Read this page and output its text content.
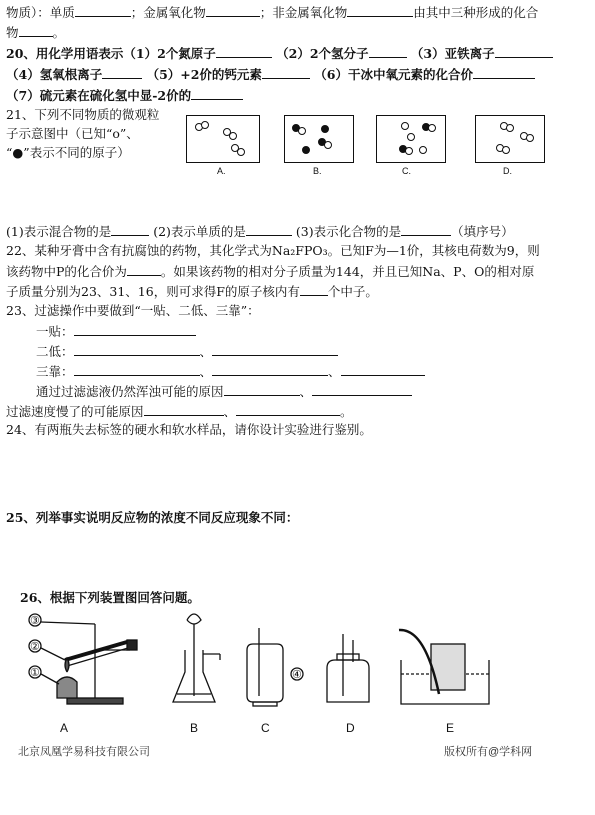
物质）：单质	；金属氧化物	；非金属氧化物	由其中三种形成的化合
物	。
20、用化学用语表示（1）2个氮原子	（2）2个氢分子	（3）亚铁离子
（4）氢氧根离子	（5）+2价的钙元素	（6）干冰中氧元素的化合价
（7）硫元素在硫化氢中显-2价的
21、下列不同物质的微观粒
子示意图中（已知“o”、
“●”表示不同的原子）
A.	B.	C.	D.
(1)表示混合物的是	(2)表示单质的是	(3)表示化合物的是	（填序号）
22、某种牙膏中含有抗腐蚀的药物，其化学式为Na₂FPO₃。已知F为—1价，其核电荷数为9，则
该药物中P的化合价为	。如果该药物的相对分子质量为144，并且已知Na、P、O的相对原
子质量分别为23、31、16，则可求得F的原子核内有 个中子。
23、过滤操作中要做到“一贴、二低、三靠”：
一贴：
二低：	、
三靠：	、	、
通过过滤滤液仍然浑浊可能的原因	、
过滤速度慢了的可能原因	、	。
24、有两瓶失去标签的硬水和软水样品，请你设计实验进行鉴别。
25、列举事实说明反应物的浓度不同反应现象不同：
26、根据下列装置图回答问题。
③
②
①	④
A	B	C	D	E
北京凤凰学易科技有限公司	版权所有@学科网
